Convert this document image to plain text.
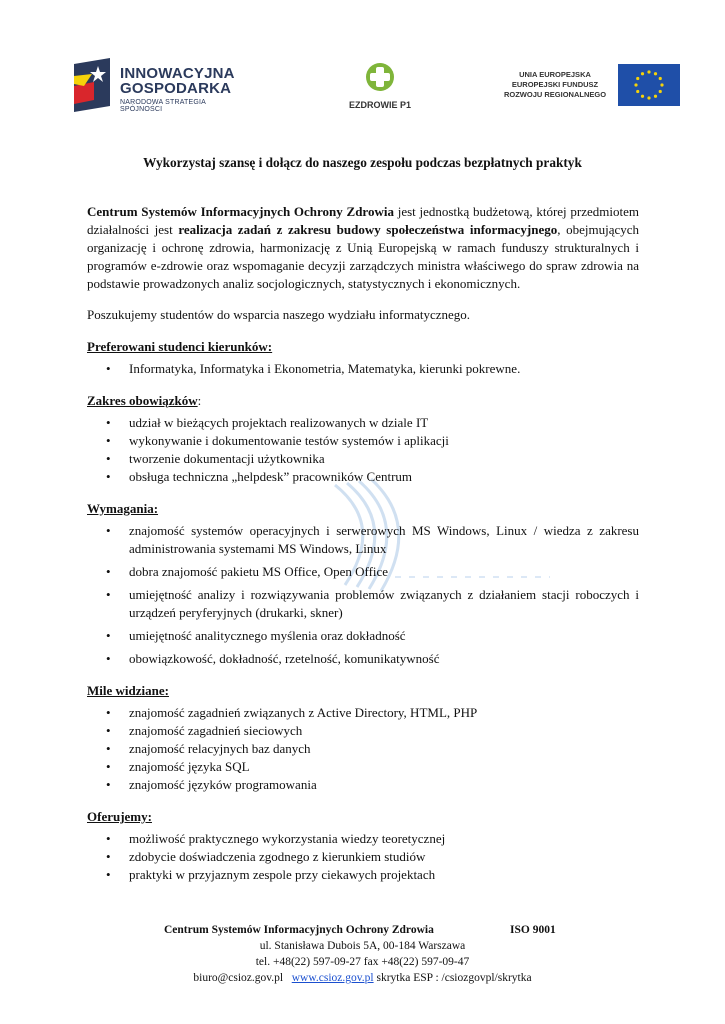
INNOWACYJNA
GOSPODARKA
NARODOWA STRATEGIA SPÓJNOŚCI	EZDROWIE P1
UNIA EUROPEJSKA
EUROPEJSKI FUNDUSZ
ROZWOJU REGIONALNEGO
Wykorzystaj szansę i dołącz do naszego zespołu podczas bezpłatnych praktyk

Centrum Systemów Informacyjnych Ochrony Zdrowia jest jednostką budżetową, której przedmiotem działalności jest realizacja zadań z zakresu budowy społeczeństwa informacyjnego, obejmujących organizację i ochronę zdrowia, harmonizację z Unią Europejską w ramach funduszy strukturalnych i programów e-zdrowie oraz wspomaganie decyzji zarządczych ministra właściwego do spraw zdrowia na podstawie prowadzonych analiz socjologicznych, statystycznych i ekonomicznych.

Poszukujemy studentów do wsparcia naszego wydziału informatycznego.

Preferowani studenci kierunków:
• Informatyka, Informatyka i Ekonometria, Matematyka, kierunki pokrewne.
Zakres obowiązków:
• udział w bieżących projektach realizowanych w dziale IT
• wykonywanie i dokumentowanie testów systemów i aplikacji
• tworzenie dokumentacji użytkownika
• obsługa techniczna „helpdesk” pracowników Centrum
Wymagania:
• znajomość systemów operacyjnych i serwerowych MS Windows, Linux / wiedza z zakresu administrowania systemami MS Windows, Linux
• dobra znajomość pakietu MS Office, Open Office
• umiejętność analizy i rozwiązywania problemów związanych z działaniem stacji roboczych i urządzeń peryferyjnych (drukarki, skner)
• umiejętność analitycznego myślenia oraz dokładność
• obowiązkowość, dokładność, rzetelność, komunikatywność
Mile widziane:
• znajomość zagadnień związanych z Active Directory, HTML, PHP
• znajomość zagadnień sieciowych
• znajomość relacyjnych baz danych
• znajomość języka SQL
• znajomość języków programowania
Oferujemy:
• możliwość praktycznego wykorzystania wiedzy teoretycznej
• zdobycie doświadczenia zgodnego z kierunkiem studiów
• praktyki w przyjaznym zespole przy ciekawych projektach
Centrum Systemów Informacyjnych Ochrony Zdrowia	ISO 9001
ul. Stanisława Dubois 5A, 00-184 Warszawa
tel. +48(22) 597-09-27 fax +48(22) 597-09-47
biuro@csioz.gov.pl www.csioz.gov.pl skrytka ESP : /csiozgovpl/skrytka
